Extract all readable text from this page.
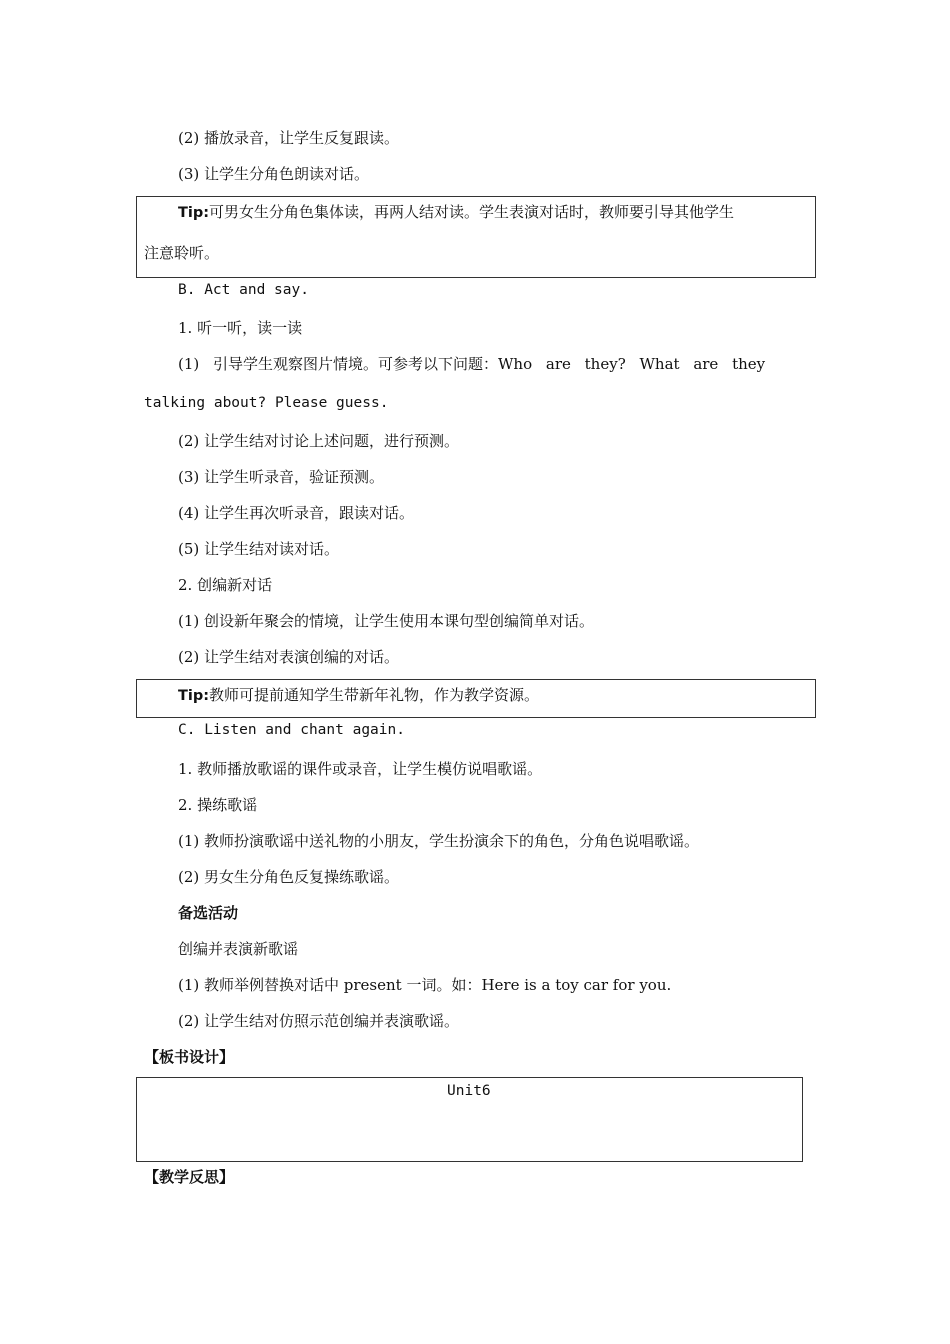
(2) 播放录音，让学生反复跟读。
(3) 让学生分角色朗读对话。
Tip:可男女生分角色集体读，再两人结对读。学生表演对话时，教师要引导其他学生
注意聆听。
B. Act and say.
1. 听一听，读一读
(1) 引导学生观察图片情境。可参考以下问题：Who are they? What are they
talking about? Please guess.
(2) 让学生结对讨论上述问题，进行预测。
(3) 让学生听录音，验证预测。
(4) 让学生再次听录音，跟读对话。
(5) 让学生结对读对话。
2. 创编新对话
(1) 创设新年聚会的情境，让学生使用本课句型创编简单对话。
(2) 让学生结对表演创编的对话。
Tip:教师可提前通知学生带新年礼物，作为教学资源。
C. Listen and chant again.
1. 教师播放歌谣的课件或录音，让学生模仿说唱歌谣。
2. 操练歌谣
(1) 教师扮演歌谣中送礼物的小朋友，学生扮演余下的角色，分角色说唱歌谣。
(2) 男女生分角色反复操练歌谣。
备选活动
创编并表演新歌谣
(1) 教师举例替换对话中 present 一词。如：Here is a toy car for you.
(2) 让学生结对仿照示范创编并表演歌谣。
【板书设计】
Unit6
【教学反思】
